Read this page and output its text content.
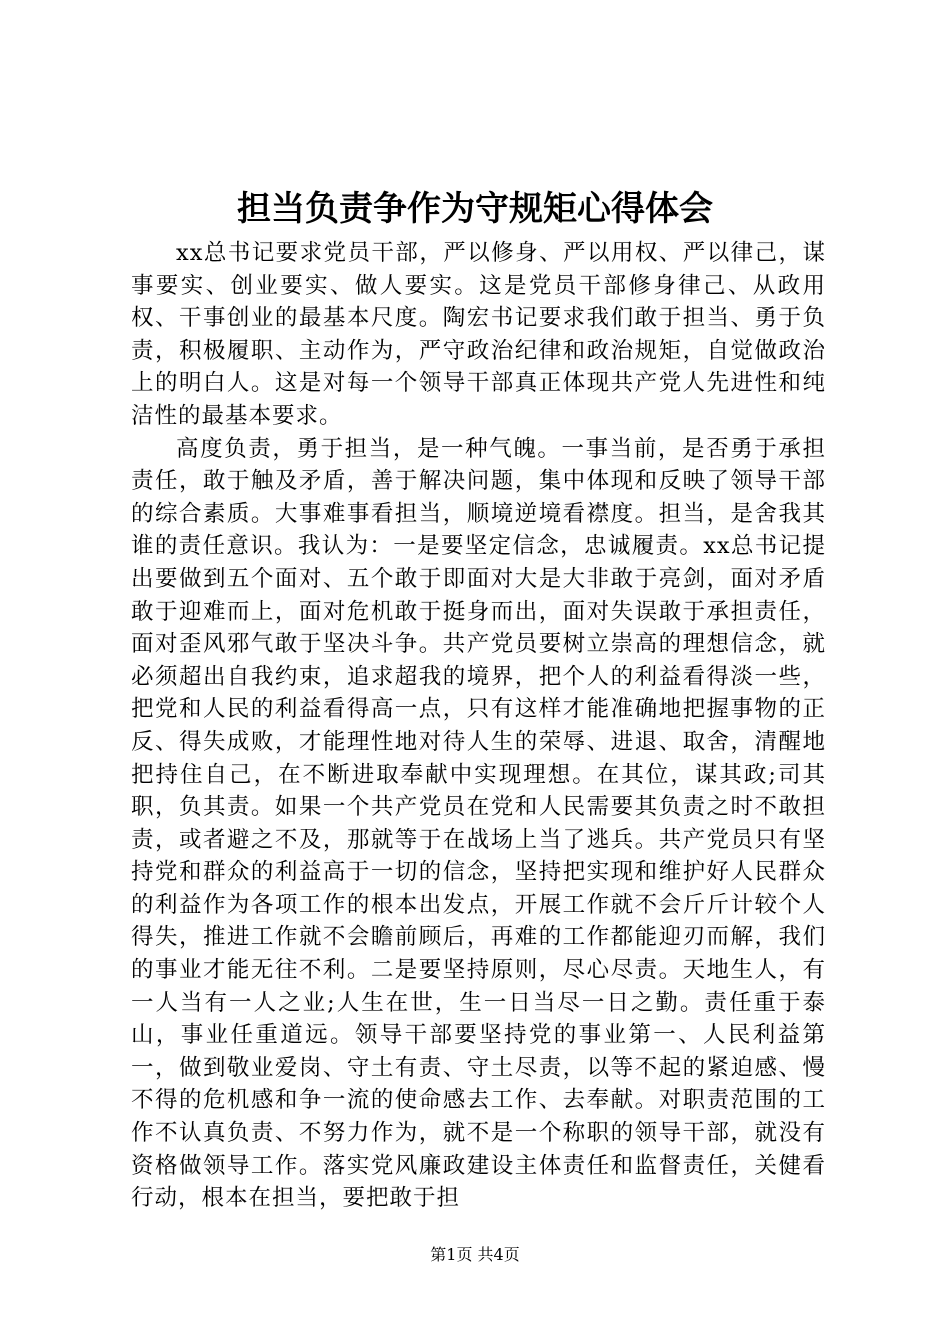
担当负责争作为守规矩心得体会

xx总书记要求党员干部，严以修身、严以用权、严以律己，谋事要实、创业要实、做人要实。这是党员干部修身律己、从政用权、干事创业的最基本尺度。陶宏书记要求我们敢于担当、勇于负责，积极履职、主动作为，严守政治纪律和政治规矩，自觉做政治上的明白人。这是对每一个领导干部真正体现共产党人先进性和纯洁性的最基本要求。

高度负责，勇于担当，是一种气魄。一事当前，是否勇于承担责任，敢于触及矛盾，善于解决问题，集中体现和反映了领导干部的综合素质。大事难事看担当，顺境逆境看襟度。担当，是舍我其谁的责任意识。我认为：一是要坚定信念，忠诚履责。xx总书记提出要做到五个面对、五个敢于即面对大是大非敢于亮剑，面对矛盾敢于迎难而上，面对危机敢于挺身而出，面对失误敢于承担责任，面对歪风邪气敢于坚决斗争。共产党员要树立崇高的理想信念，就必须超出自我约束，追求超我的境界，把个人的利益看得淡一些，把党和人民的利益看得高一点，只有这样才能准确地把握事物的正反、得失成败，才能理性地对待人生的荣辱、进退、取舍，清醒地把持住自己，在不断进取奉献中实现理想。在其位，谋其政;司其职，负其责。如果一个共产党员在党和人民需要其负责之时不敢担责，或者避之不及，那就等于在战场上当了逃兵。共产党员只有坚持党和群众的利益高于一切的信念，坚持把实现和维护好人民群众的利益作为各项工作的根本出发点，开展工作就不会斤斤计较个人得失，推进工作就不会瞻前顾后，再难的工作都能迎刃而解，我们的事业才能无往不利。二是要坚持原则，尽心尽责。天地生人，有一人当有一人之业;人生在世，生一日当尽一日之勤。责任重于泰山，事业任重道远。领导干部要坚持党的事业第一、人民利益第一，做到敬业爱岗、守土有责、守土尽责，以等不起的紧迫感、慢不得的危机感和争一流的使命感去工作、去奉献。对职责范围的工作不认真负责、不努力作为，就不是一个称职的领导干部，就没有资格做领导工作。落实党风廉政建设主体责任和监督责任，关健看行动，根本在担当，要把敢于担

第1页 共4页
